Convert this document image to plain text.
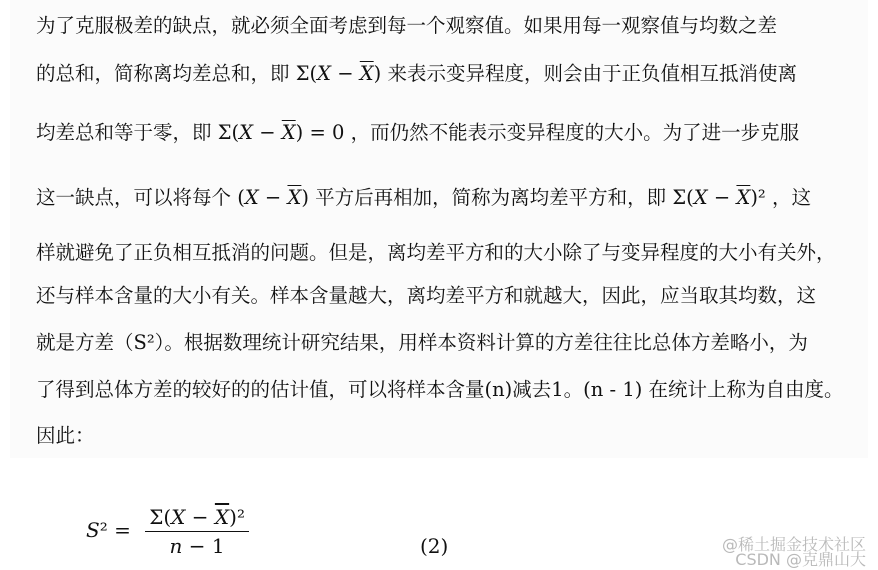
为了克服极差的缺点，就必须全面考虑到每一个观察值。如果用每一观察值与均数之差
的总和，简称离均差总和，即 $\Sigma(X - \overline{X})$ 来表示变异程度，则会由于正负值相互抵消使离
均差总和等于零，即 $\Sigma(X - \overline{X}) = 0$ ，而仍然不能表示变异程度的大小。为了进一步克服
这一缺点，可以将每个 $(X - \overline{X})$ 平方后再相加，简称为离均差平方和，即 $\Sigma(X - \overline{X})^2$ ，这
样就避免了正负相互抵消的问题。但是，离均差平方和的大小除了与变异程度的大小有关外，
还与样本含量的大小有关。样本含量越大，离均差平方和就越大，因此，应当取其均数，这
就是方差（S²）。根据数理统计研究结果，用样本资料计算的方差往往比总体方差略小，为
了得到总体方差的较好的的估计值，可以将样本含量(n)减去1。(n - 1) 在统计上称为自由度。
因此：
$S^2 = \frac{\Sigma(X - \overline{X})^2}{n - 1}$	(2)	@稀土掘金技术社区
CSDN @克鼎山大
